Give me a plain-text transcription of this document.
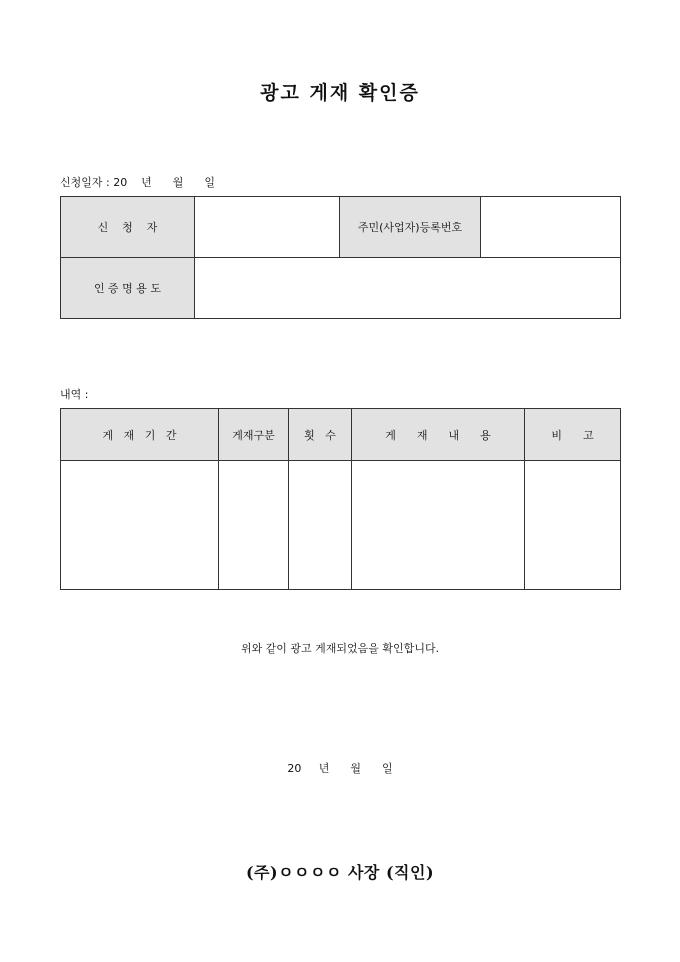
광고 게재 확인증
신청일자 : 20    년      월      일
신    청    자		주민(사업자)등록번호	
인 증 명 용 도			
내역 :
게   재   기   간	게재구분	횟   수	게      재      내      용	비      고

위와 같이 광고 게재되었음을 확인합니다.
20     년      월      일
(주)ㅇㅇㅇㅇ 사장 (직인)
